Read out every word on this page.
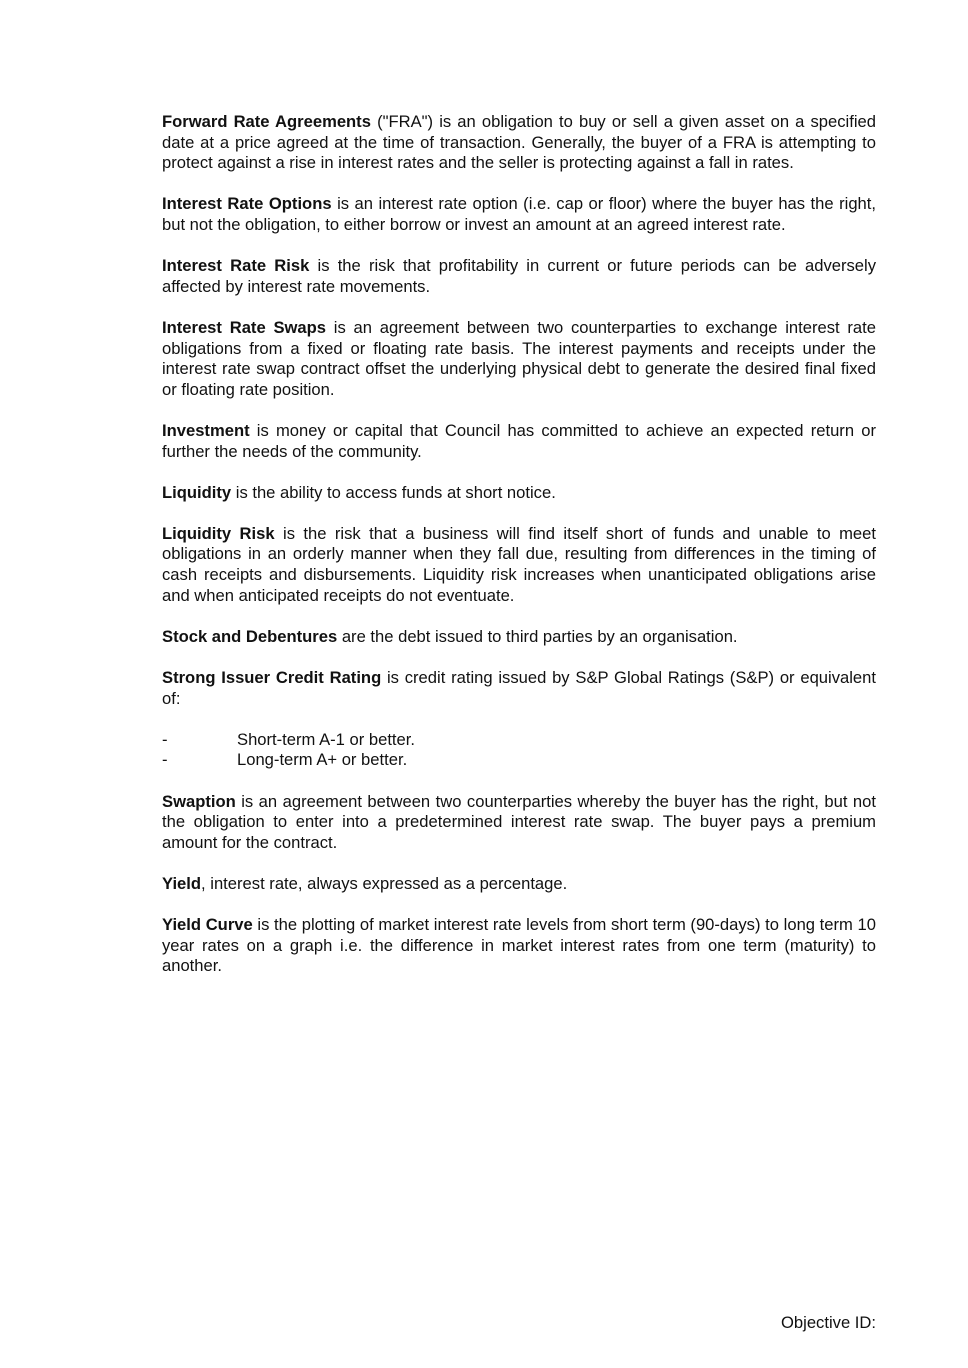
Forward Rate Agreements ("FRA") is an obligation to buy or sell a given asset on a specified date at a price agreed at the time of transaction. Generally, the buyer of a FRA is attempting to protect against a rise in interest rates and the seller is protecting against a fall in rates.

Interest Rate Options is an interest rate option (i.e. cap or floor) where the buyer has the right, but not the obligation, to either borrow or invest an amount at an agreed interest rate.

Interest Rate Risk is the risk that profitability in current or future periods can be adversely affected by interest rate movements.

Interest Rate Swaps is an agreement between two counterparties to exchange interest rate obligations from a fixed or floating rate basis. The interest payments and receipts under the interest rate swap contract offset the underlying physical debt to generate the desired final fixed or floating rate position.

Investment is money or capital that Council has committed to achieve an expected return or further the needs of the community.

Liquidity is the ability to access funds at short notice.

Liquidity Risk is the risk that a business will find itself short of funds and unable to meet obligations in an orderly manner when they fall due, resulting from differences in the timing of cash receipts and disbursements. Liquidity risk increases when unanticipated obligations arise and when anticipated receipts do not eventuate.

Stock and Debentures are the debt issued to third parties by an organisation.

Strong Issuer Credit Rating is credit rating issued by S&P Global Ratings (S&P) or equivalent of:

-	Short-term A-1 or better.
-	Long-term A+ or better.

Swaption is an agreement between two counterparties whereby the buyer has the right, but not the obligation to enter into a predetermined interest rate swap. The buyer pays a premium amount for the contract.

Yield, interest rate, always expressed as a percentage.

Yield Curve is the plotting of market interest rate levels from short term (90-days) to long term 10 year rates on a graph i.e. the difference in market interest rates from one term (maturity) to another.

Objective ID:
